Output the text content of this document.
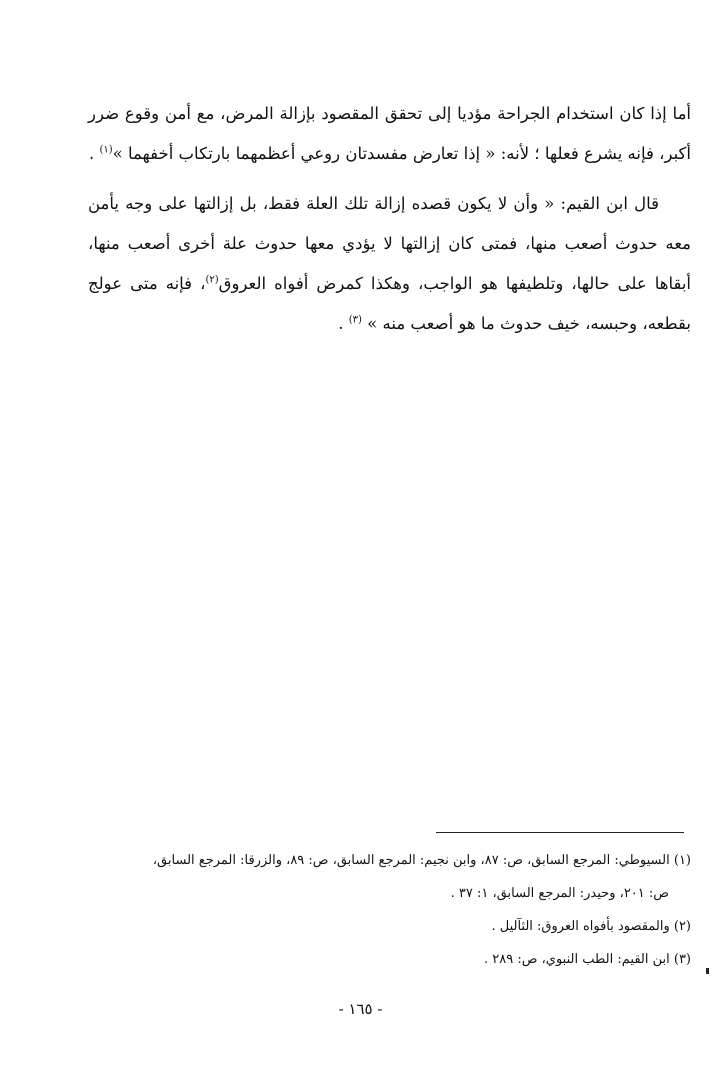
أما إذا كان استخدام الجراحة مؤديا إلى تحقق المقصود بإزالة المرض، مع أمن وقوع ضرر أكبر، فإنه يشرع فعلها ؛ لأنه: « إذا تعارض مفسدتان روعي أعظمهما بارتكاب أخفهما »$^{(١)}$ .

قال ابن القيم: « وأن لا يكون قصده إزالة تلك العلة فقط، بل إزالتها على وجه يأمن معه حدوث أصعب منها، فمتى كان إزالتها لا يؤدي معها حدوث علة أخرى أصعب منها، أبقاها على حالها، وتلطيفها هو الواجب، وهكذا كمرض أفواه العروق$^{(٢)}$، فإنه متى عولج بقطعه، وحبسه، خيف حدوث ما هو أصعب منه » $^{(٣)}$ .

(١) السيوطي: المرجع السابق، ص: ٨٧، وابن نجيم: المرجع السابق، ص: ٨٩، والزرقا: المرجع السابق،
ص: ٢٠١، وحيدر: المرجع السابق، ١: ٣٧ .

(٢) والمقصود بأفواه العروق: الثآليل .

(٣) ابن القيم: الطب النبوي، ص: ٢٨٩ .

- ١٦٥ -
